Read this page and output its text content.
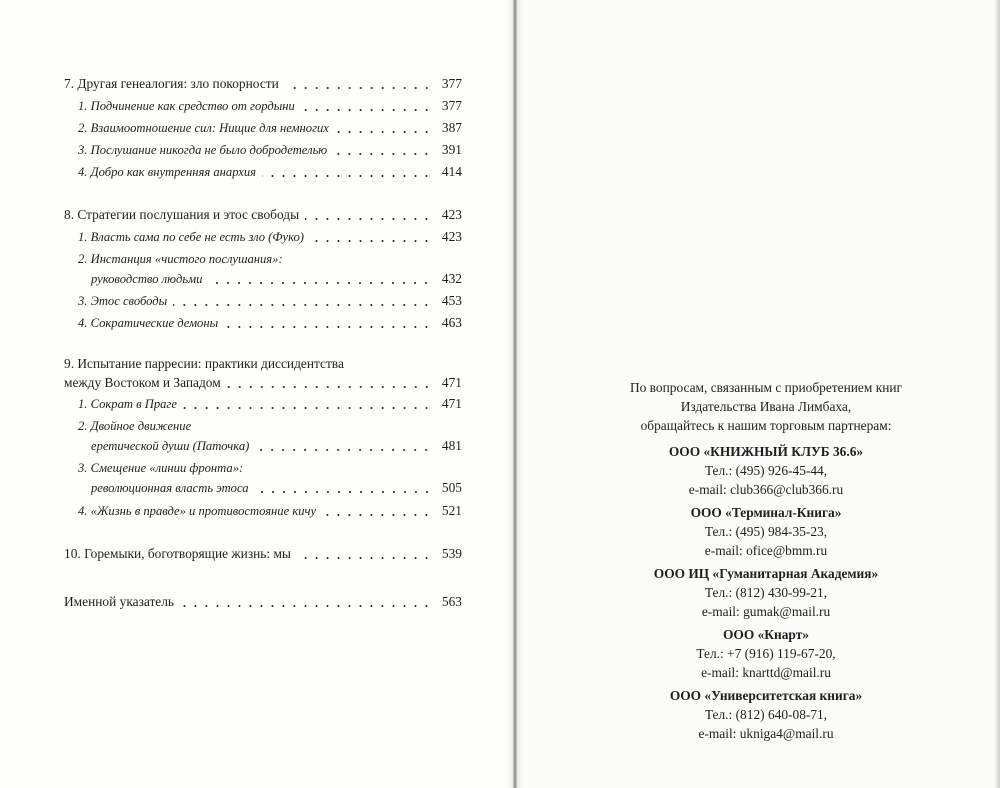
7. Другая генеалогия: зло покорности	377
1. Подчинение как средство от гордыни	377
2. Взаимоотношение сил: Нищие для немногих	387
3. Послушание никогда не было добродетелью	391
4. Добро как внутренняя анархия	414
8. Стратегии послушания и этос свободы	423
1. Власть сама по себе не есть зло (Фуко)	423
2. Инстанция «чистого послушания»:
руководство людьми	432
3. Этос свободы	453
4. Сократические демоны	463
9. Испытание парресии: практики диссидентства
между Востоком и Западом	471
1. Сократ в Праге	471
2. Двойное движение
еретической души (Паточка)	481
3. Смещение «линии фронта»:
революционная власть этоса	505
4. «Жизнь в правде» и противостояние кичу	521
10. Горемыки, боготворящие жизнь: мы	539
Именной указатель	563
По вопросам, связанным с приобретением книг
Издательства Ивана Лимбаха,
обращайтесь к нашим торговым партнерам:
ООО «КНИЖНЫЙ КЛУБ 36.6»
Тел.: (495) 926-45-44,
e-mail: club366@club366.ru
ООО «Терминал-Книга»
Тел.: (495) 984-35-23,
e-mail: ofice@bmm.ru
ООО ИЦ «Гуманитарная Академия»
Тел.: (812) 430-99-21,
e-mail: gumak@mail.ru
ООО «Кнарт»
Тел.: +7 (916) 119-67-20,
e-mail: knarttd@mail.ru
ООО «Университетская книга»
Тел.: (812) 640-08-71,
e-mail: uknigа4@mail.ru
